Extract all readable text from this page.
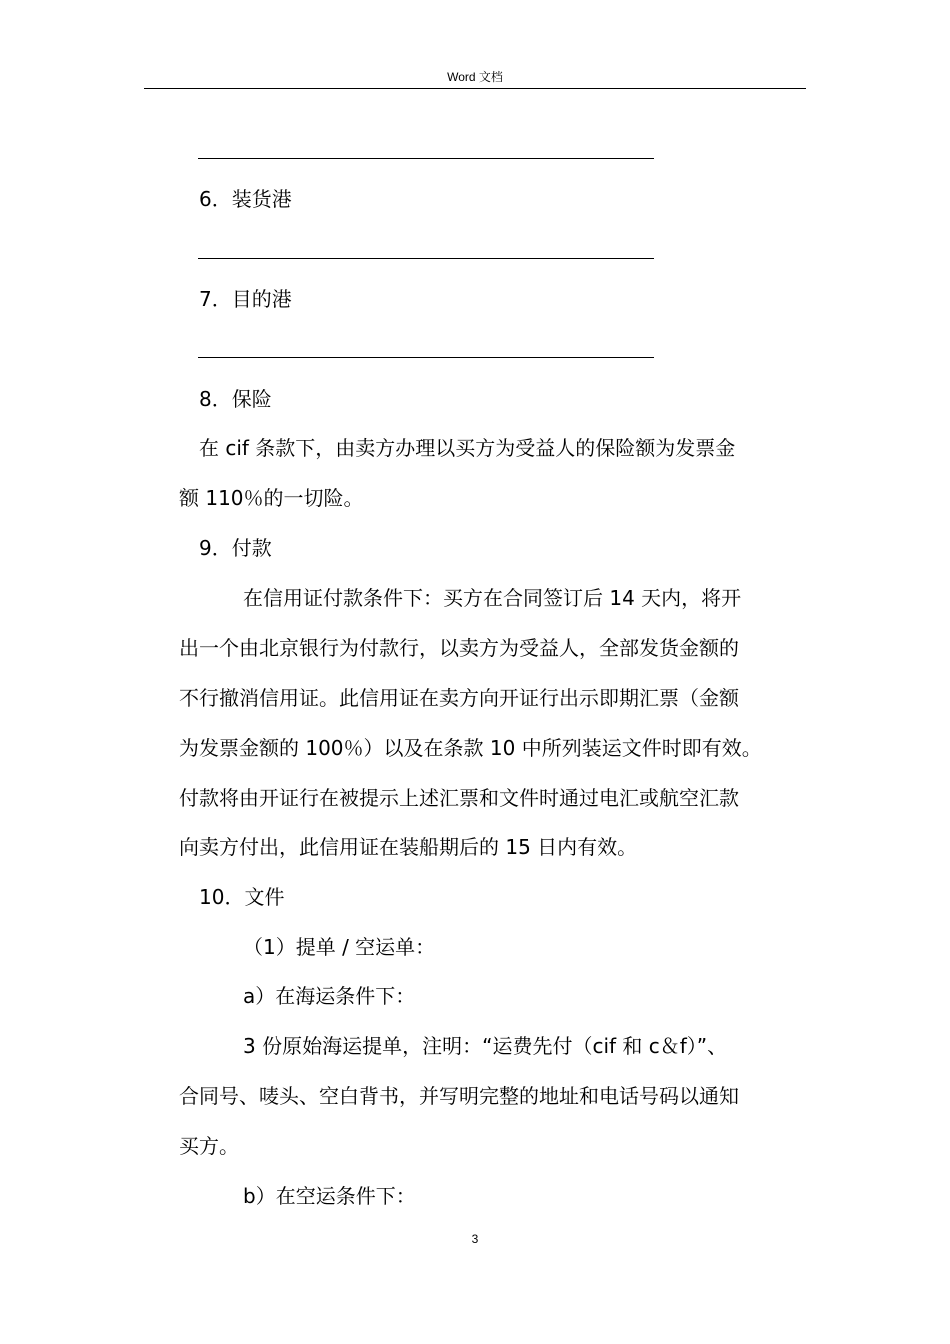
Word 文档
6．装货港
7．目的港
8．保险
在 cif 条款下，由卖方办理以买方为受益人的保险额为发票金
额 110％的一切险。
9．付款
在信用证付款条件下：买方在合同签订后 14 天内，将开
出一个由北京银行为付款行，以卖方为受益人，全部发货金额的
不行撤消信用证。此信用证在卖方向开证行出示即期汇票（金额
为发票金额的 100％）以及在条款 10 中所列装运文件时即有效。
付款将由开证行在被提示上述汇票和文件时通过电汇或航空汇款
向卖方付出，此信用证在装船期后的 15 日内有效。
10．文件
（1）提单 / 空运单：
a）在海运条件下：
3 份原始海运提单，注明：“运费先付（cif 和 c＆f）”、
合同号、唛头、空白背书，并写明完整的地址和电话号码以通知
买方。
b）在空运条件下：
3
